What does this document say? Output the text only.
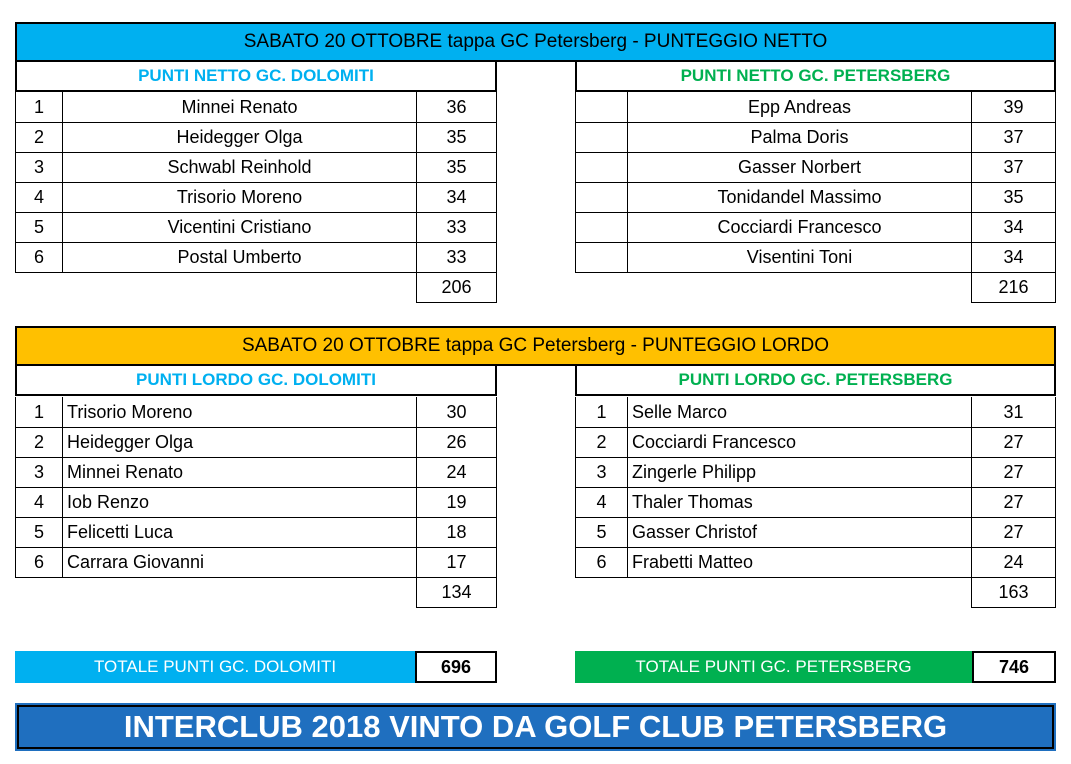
SABATO 20 OTTOBRE tappa GC Petersberg - PUNTEGGIO NETTO
PUNTI NETTO GC. DOLOMITI	PUNTI NETTO GC. PETERSBERG
1	Minnei Renato	36
2	Heidegger Olga	35
3	Schwabl Reinhold	35
4	Trisorio Moreno	34
5	Vicentini Cristiano	33
6	Postal Umberto	33
		206
	Epp Andreas	39
	Palma Doris	37
	Gasser Norbert	37
	Tonidandel Massimo	35
	Cocciardi Francesco	34
	Visentini Toni	34
		216
SABATO 20 OTTOBRE tappa GC Petersberg - PUNTEGGIO LORDO
PUNTI LORDO GC. DOLOMITI	PUNTI LORDO GC. PETERSBERG
1	Trisorio Moreno	30
2	Heidegger Olga	26
3	Minnei Renato	24
4	Iob Renzo	19
5	Felicetti Luca	18
6	Carrara Giovanni	17
		134
1	Selle Marco	31
2	Cocciardi Francesco	27
3	Zingerle Philipp	27
4	Thaler Thomas	27
5	Gasser Christof	27
6	Frabetti Matteo	24
		163
TOTALE PUNTI GC. DOLOMITI	696	TOTALE PUNTI GC. PETERSBERG	746
INTERCLUB 2018 VINTO DA GOLF CLUB PETERSBERG
